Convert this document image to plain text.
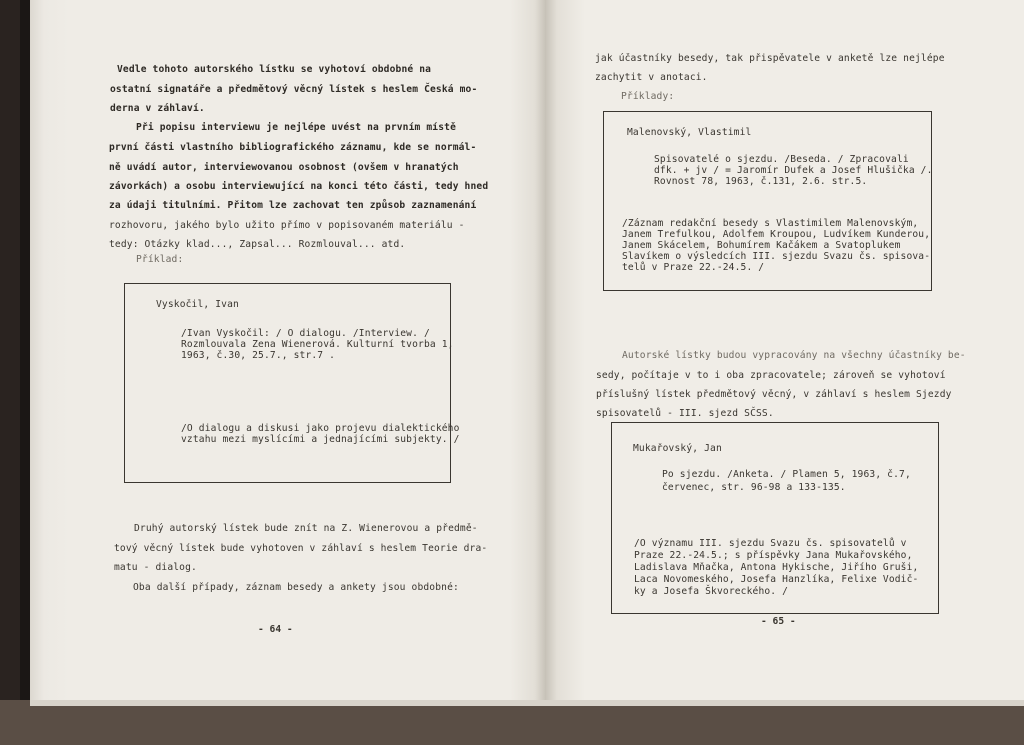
Vedle tohoto autorského lístku se vyhotoví obdobné na
ostatní signatáře a předmětový věcný lístek s heslem Česká mo-
derna v záhlaví.
Při popisu interviewu je nejlépe uvést na prvním místě
první části vlastního bibliografického záznamu, kde se normál-
ně uvádí autor, interviewovanou osobnost (ovšem v hranatých
závorkách) a osobu interviewující na konci této části, tedy hned
za údaji titulními. Přitom lze zachovat ten způsob zaznamenání
rozhovoru, jakého bylo užito přímo v popisovaném materiálu -
tedy: Otázky klad..., Zapsal... Rozmlouval... atd.
Příklad:
Vyskočil, Ivan
/Ivan Vyskočil: / O dialogu. /Interview. /
Rozmlouvala Zena Wienerová. Kulturní tvorba 1,
1963, č.30, 25.7., str.7 .
/O dialogu a diskusi jako projevu dialektického
vztahu mezi myslícími a jednajícími subjekty. /
Druhý autorský lístek bude znít na Z. Wienerovou a předmě-
tový věcný lístek bude vyhotoven v záhlaví s heslem Teorie dra-
matu - dialog.
Oba další případy, záznam besedy a ankety jsou obdobné:
- 64 -
jak účastníky besedy, tak přispěvatele v anketě lze nejlépe
zachytit v anotaci.
Příklady:
Malenovský, Vlastimil
Spisovatelé o sjezdu. /Beseda. / Zpracovali
dfk. + jv / = Jaromír Dufek a Josef Hlušička /.
Rovnost 78, 1963, č.131, 2.6. str.5.
/Záznam redakční besedy s Vlastimilem Malenovským,
Janem Trefulkou, Adolfem Kroupou, Ludvíkem Kunderou,
Janem Skácelem, Bohumírem Kačákem a Svatoplukem
Slavíkem o výsledcích III. sjezdu Svazu čs. spisova-
telů v Praze 22.-24.5. /
Autorské lístky budou vypracovány na všechny účastníky be-
sedy, počítaje v to i oba zpracovatele; zároveň se vyhotoví
příslušný lístek předmětový věcný, v záhlaví s heslem Sjezdy
spisovatelů - III. sjezd SČSS.
Mukařovský, Jan
Po sjezdu. /Anketa. / Plamen 5, 1963, č.7,
červenec, str. 96-98 a 133-135.
/O významu III. sjezdu Svazu čs. spisovatelů v
Praze 22.-24.5.; s příspěvky Jana Mukařovského,
Ladislava Mňačka, Antona Hykische, Jiřího Gruši,
Laca Novomeského, Josefa Hanzlíka, Felixe Vodič-
ky a Josefa Škvoreckého. /
- 65 -
